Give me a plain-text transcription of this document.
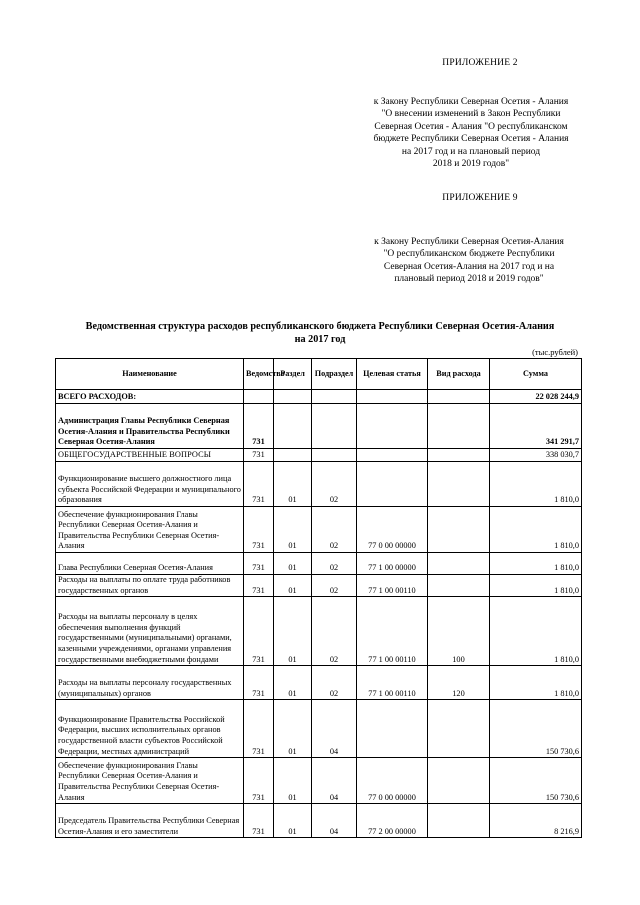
ПРИЛОЖЕНИЕ 2
к Закону Республики Северная Осетия - Алания
"О внесении изменений в Закон Республики
Северная Осетия - Алания "О республиканском
бюджете Республики Северная Осетия - Алания
на 2017 год и на плановый период
2018 и 2019 годов"
ПРИЛОЖЕНИЕ 9
к Закону Республики Северная Осетия-Алания
"О республиканском бюджете Республики
Северная Осетия-Алания на 2017 год и на
плановый период 2018 и 2019 годов"
Ведомственная структура расходов республиканского бюджета Республики Северная Осетия-Алания
на 2017 год
(тыс.рублей)
Наименование	Ведомство	Раздел	Подраздел	Целевая статья	Вид расхода	Сумма
ВСЕГО РАСХОДОВ:						22 028 244,9
Администрация Главы Республики Северная Осетия-Алания и Правительства Республики Северная Осетия-Алания	731					341 291,7
ОБЩЕГОСУДАРСТВЕННЫЕ ВОПРОСЫ	731					338 030,7
Функционирование высшего должностного лица субъекта Российской Федерации и муниципального образования	731	01	02			1 810,0
Обеспечение функционирования Главы Республики Северная Осетия-Алания и Правительства Республики Северная Осетия-Алания	731	01	02	77 0 00 00000		1 810,0
Глава Республики Северная Осетия-Алания	731	01	02	77 1 00 00000		1 810,0
Расходы на выплаты по оплате труда работников государственных органов	731	01	02	77 1 00 00110		1 810,0
Расходы на выплаты персоналу в целях обеспечения выполнения функций государственными (муниципальными) органами, казенными учреждениями, органами управления государственными внебюджетными фондами	731	01	02	77 1 00 00110	100	1 810,0
Расходы на выплаты персоналу государственных (муниципальных) органов	731	01	02	77 1 00 00110	120	1 810,0
Функционирование Правительства Российской Федерации, высших исполнительных органов государственной власти субъектов Российской Федерации, местных администраций	731	01	04			150 730,6
Обеспечение функционирования Главы Республики Северная Осетия-Алания и Правительства Республики Северная Осетия-Алания	731	01	04	77 0 00 00000		150 730,6
Председатель Правительства Республики Северная Осетия-Алания и его заместители	731	01	04	77 2 00 00000		8 216,9
